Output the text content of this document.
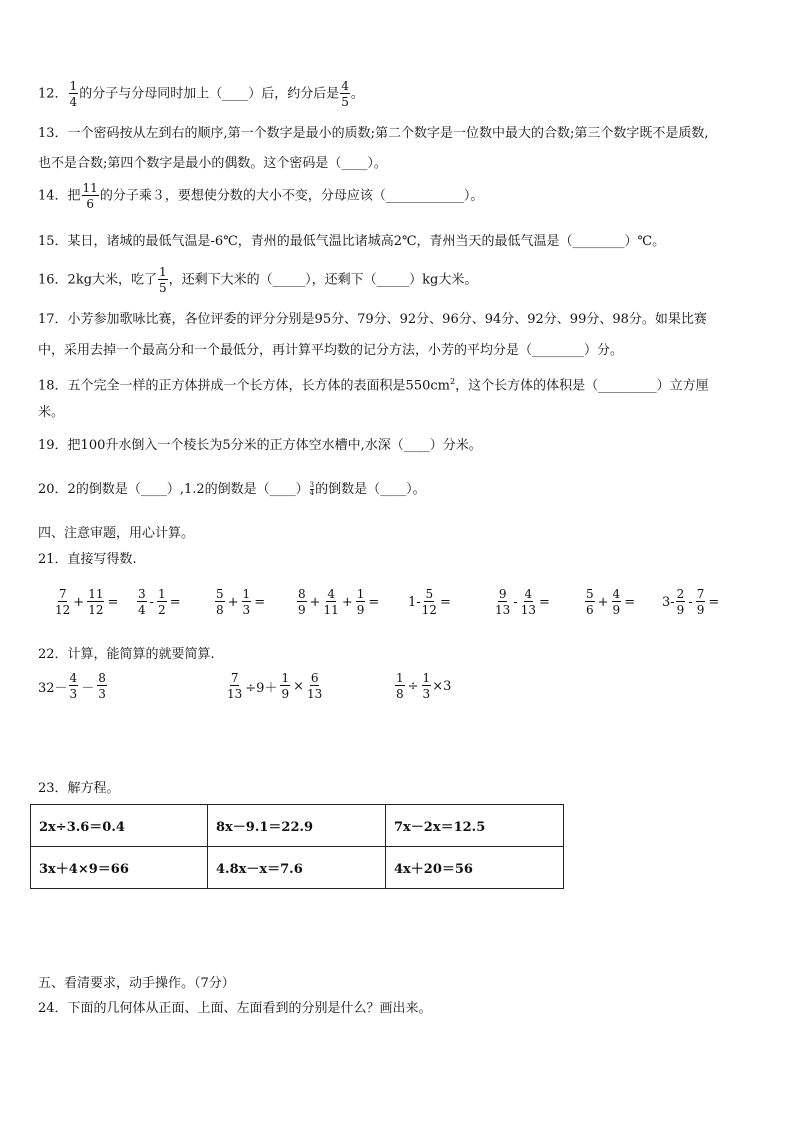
12． $\frac{1}{4}$ 的分子与分母同时加上（____）后，约分后是 $\frac{4}{5}$ 。
13．一个密码按从左到右的顺序,第一个数字是最小的质数;第二个数字是一位数中最大的合数;第三个数字既不是质数,
也不是合数;第四个数字是最小的偶数。这个密码是（____）。
14．把 $\frac{11}{6}$ 的分子乘３，要想使分数的大小不变，分母应该（____________）。
15．某日，诸城的最低气温是-6℃，青州的最低气温比诸城高2℃，青州当天的最低气温是（________）℃。
16．2kg大米，吃了 $\frac{1}{5}$ ，还剩下大米的（_____），还剩下（_____）kg大米。
17．小芳参加歌咏比赛，各位评委的评分分别是95分、79分、92分、96分、94分、92分、99分、98分。如果比赛
中，采用去掉一个最高分和一个最低分，再计算平均数的记分方法，小芳的平均分是（________）分。
18．五个完全一样的正方体拼成一个长方体，长方体的表面积是$550cm^2$，这个长方体的体积是（_________）立方厘
米。
19．把100升水倒入一个棱长为5分米的正方体空水槽中,水深（____）分米。
20．2的倒数是（____）,1.2的倒数是（____） $\frac{3}{4}$ 的倒数是（____）。
四、注意审题，用心计算。
21．直接写得数.
$\frac{7}{12} + \frac{11}{12} = \frac{3}{4} - \frac{1}{2}$ =	$\frac{5}{8} + \frac{1}{3}$ =	$\frac{8}{9} + \frac{4}{11} + \frac{1}{9} = 1- \frac{5}{12}$ =	$\frac{9}{13} - \frac{4}{13}$ =	$\frac{5}{6} + \frac{4}{9} = 3- \frac{2}{9} - \frac{7}{9}$ =
22．计算，能简算的就要简算.
$32- \frac{4}{3} - \frac{8}{3}$	$\frac{7}{13} \div 9+ \frac{1}{9} \times \frac{6}{13}$	$\frac{1}{8} \div \frac{1}{3} \times 3$
23．解方程。
2x÷3.6＝0.4	8x－9.1＝22.9	7x－2x＝12.5
3x＋4×9＝66	4.8x－x＝7.6	4x＋20＝56
五、看清要求，动手操作。（7分）
24．下面的几何体从正面、上面、左面看到的分别是什么？画出来。
